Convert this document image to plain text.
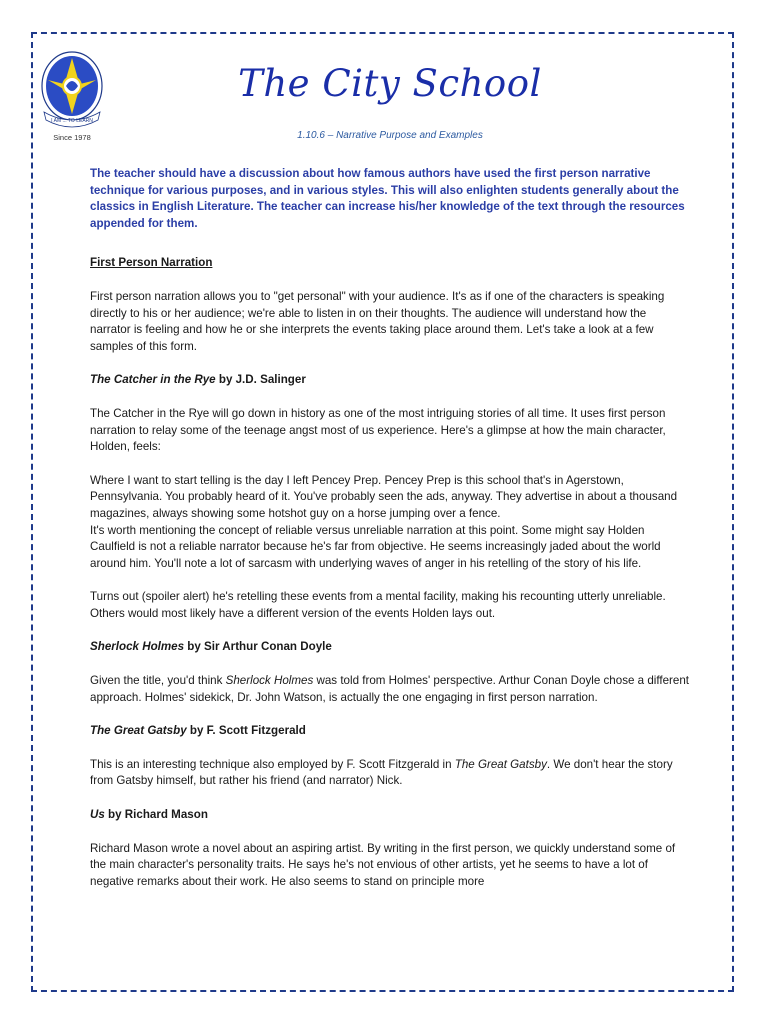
I AM ... TO LEARN
Since 1978
The City School
1.10.6 – Narrative Purpose and Examples

The teacher should have a discussion about how famous authors have used the first person narrative technique for various purposes, and in various styles. This will also enlighten students generally about the classics in English Literature. The teacher can increase his/her knowledge of the text through the resources appended for them.

First Person Narration

First person narration allows you to "get personal" with your audience. It's as if one of the characters is speaking directly to his or her audience; we're able to listen in on their thoughts. The audience will understand how the narrator is feeling and how he or she interprets the events taking place around them. Let's take a look at a few samples of this form.

The Catcher in the Rye by J.D. Salinger

The Catcher in the Rye will go down in history as one of the most intriguing stories of all time. It uses first person narration to relay some of the teenage angst most of us experience. Here's a glimpse at how the main character, Holden, feels:

Where I want to start telling is the day I left Pencey Prep. Pencey Prep is this school that's in Agerstown, Pennsylvania. You probably heard of it. You've probably seen the ads, anyway. They advertise in about a thousand magazines, always showing some hotshot guy on a horse jumping over a fence.

It's worth mentioning the concept of reliable versus unreliable narration at this point. Some might say Holden Caulfield is not a reliable narrator because he's far from objective. He seems increasingly jaded about the world around him. You'll note a lot of sarcasm with underlying waves of anger in his retelling of the story of his life.

Turns out (spoiler alert) he's retelling these events from a mental facility, making his recounting utterly unreliable. Others would most likely have a different version of the events Holden lays out.

Sherlock Holmes by Sir Arthur Conan Doyle

Given the title, you'd think Sherlock Holmes was told from Holmes' perspective. Arthur Conan Doyle chose a different approach. Holmes' sidekick, Dr. John Watson, is actually the one engaging in first person narration.

The Great Gatsby by F. Scott Fitzgerald

This is an interesting technique also employed by F. Scott Fitzgerald in The Great Gatsby. We don't hear the story from Gatsby himself, but rather his friend (and narrator) Nick.

Us by Richard Mason

Richard Mason wrote a novel about an aspiring artist. By writing in the first person, we quickly understand some of the main character's personality traits. He says he's not envious of other artists, yet he seems to have a lot of negative remarks about their work. He also seems to stand on principle more
